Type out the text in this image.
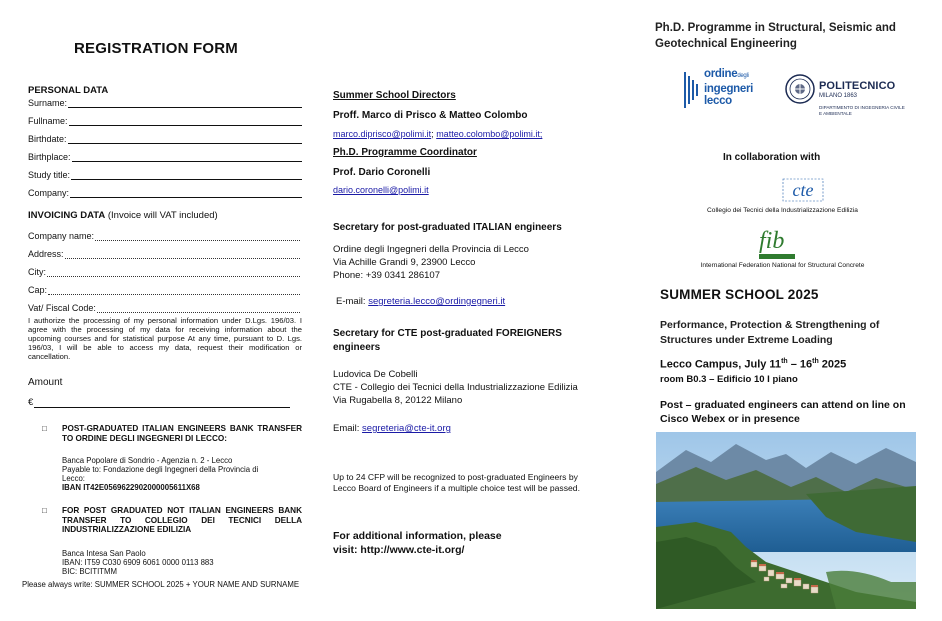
REGISTRATION FORM
PERSONAL DATA
Surname:
Fullname:
Birthdate:
Birthplace:
Study title:
Company:
INVOICING DATA (Invoice will VAT included)
Company name:
Address:
City:
Cap:
Vat/ Fiscal Code:
I authorize the processing of my personal information under D.Lgs. 196/03. I agree with the processing of my data for receiving information about the upcoming courses and for statistical purpose At any time, pursuant to D. Lgs. 196/03, I will be able to access my data, request their modification or cancellation.
Amount
€
□ POST-GRADUATED ITALIAN ENGINEERS BANK TRANSFER TO ORDINE DEGLI INGEGNERI DI LECCO:
Banca Popolare di Sondrio - Agenzia n. 2 - Lecco
Payable to: Fondazione degli Ingegneri della Provincia di Lecco:
IBAN IT42E0569622902000005611X68
□ FOR POST GRADUATED NOT ITALIAN ENGINEERS BANK TRANSFER TO COLLEGIO DEI TECNICI DELLA INDUSTRIALIZZAZIONE EDILIZIA
Banca Intesa San Paolo
IBAN: IT59 C030 6909 6061 0000 0113 883
BIC: BCITITMM
Please always write: SUMMER SCHOOL 2025 + YOUR NAME AND SURNAME
Summer School Directors
Proff. Marco di Prisco & Matteo Colombo
marco.diprisco@polimi.it; matteo.colombo@polimi.it;
Ph.D. Programme Coordinator
Prof. Dario Coronelli
dario.coronelli@polimi.it
Secretary for post-graduated ITALIAN engineers
Ordine degli Ingegneri della Provincia di Lecco
Via Achille Grandi 9, 23900 Lecco
Phone: +39 0341 286107
E-mail: segreteria.lecco@ordingegneri.it
Secretary for CTE post-graduated FOREIGNERS engineers
Ludovica De Cobelli
CTE - Collegio dei Tecnici della Industrializzazione Edilizia
Via Rugabella 8, 20122 Milano
Email: segreteria@cte-it.org
Up to 24 CFP will be recognized to post-graduated Engineers by Lecco Board of Engineers if a multiple choice test will be passed.
For additional information, please
visit: http://www.cte-it.org/
Ph.D. Programme in Structural, Seismic and Geotechnical Engineering
ordinedegli
ingegneri
lecco
POLITECNICO
MILANO 1863
DIPARTIMENTO DI INGEGNERIA CIVILE E AMBIENTALE
In collaboration with
cte
Collegio dei Tecnici della Industrializzazione Edilizia
fib
International Federation National for Structural Concrete
SUMMER SCHOOL 2025
Performance, Protection & Strengthening of Structures under Extreme Loading
Lecco Campus, July 11th – 16th 2025
room B0.3 – Edificio 10 I piano
Post – graduated engineers can attend on line on Cisco Webex or in presence
